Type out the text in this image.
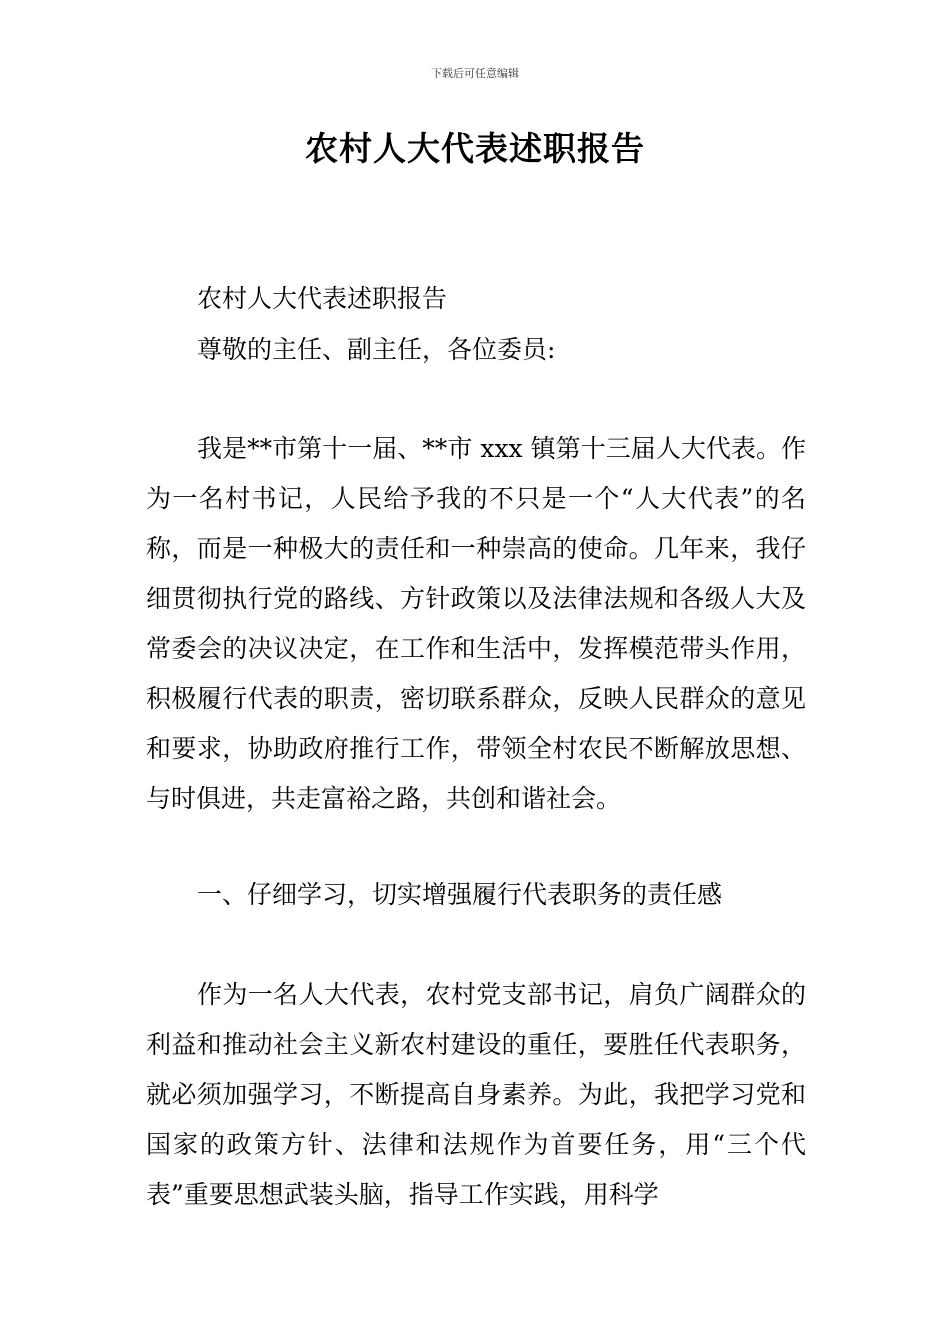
下载后可任意编辑
农村人大代表述职报告
农村人大代表述职报告
尊敬的主任、副主任，各位委员:
我是**市第十一届、**市 xxx 镇第十三届人大代表。作为一名村书记，人民给予我的不只是一个“人大代表”的名称，而是一种极大的责任和一种崇高的使命。几年来，我仔细贯彻执行党的路线、方针政策以及法律法规和各级人大及常委会的决议决定，在工作和生活中，发挥模范带头作用，积极履行代表的职责，密切联系群众，反映人民群众的意见和要求，协助政府推行工作，带领全村农民不断解放思想、与时俱进，共走富裕之路，共创和谐社会。
一、仔细学习，切实增强履行代表职务的责任感
作为一名人大代表，农村党支部书记，肩负广阔群众的利益和推动社会主义新农村建设的重任，要胜任代表职务，就必须加强学习，不断提高自身素养。为此，我把学习党和国家的政策方针、法律和法规作为首要任务，用“三个代表”重要思想武装头脑，指导工作实践，用科学
